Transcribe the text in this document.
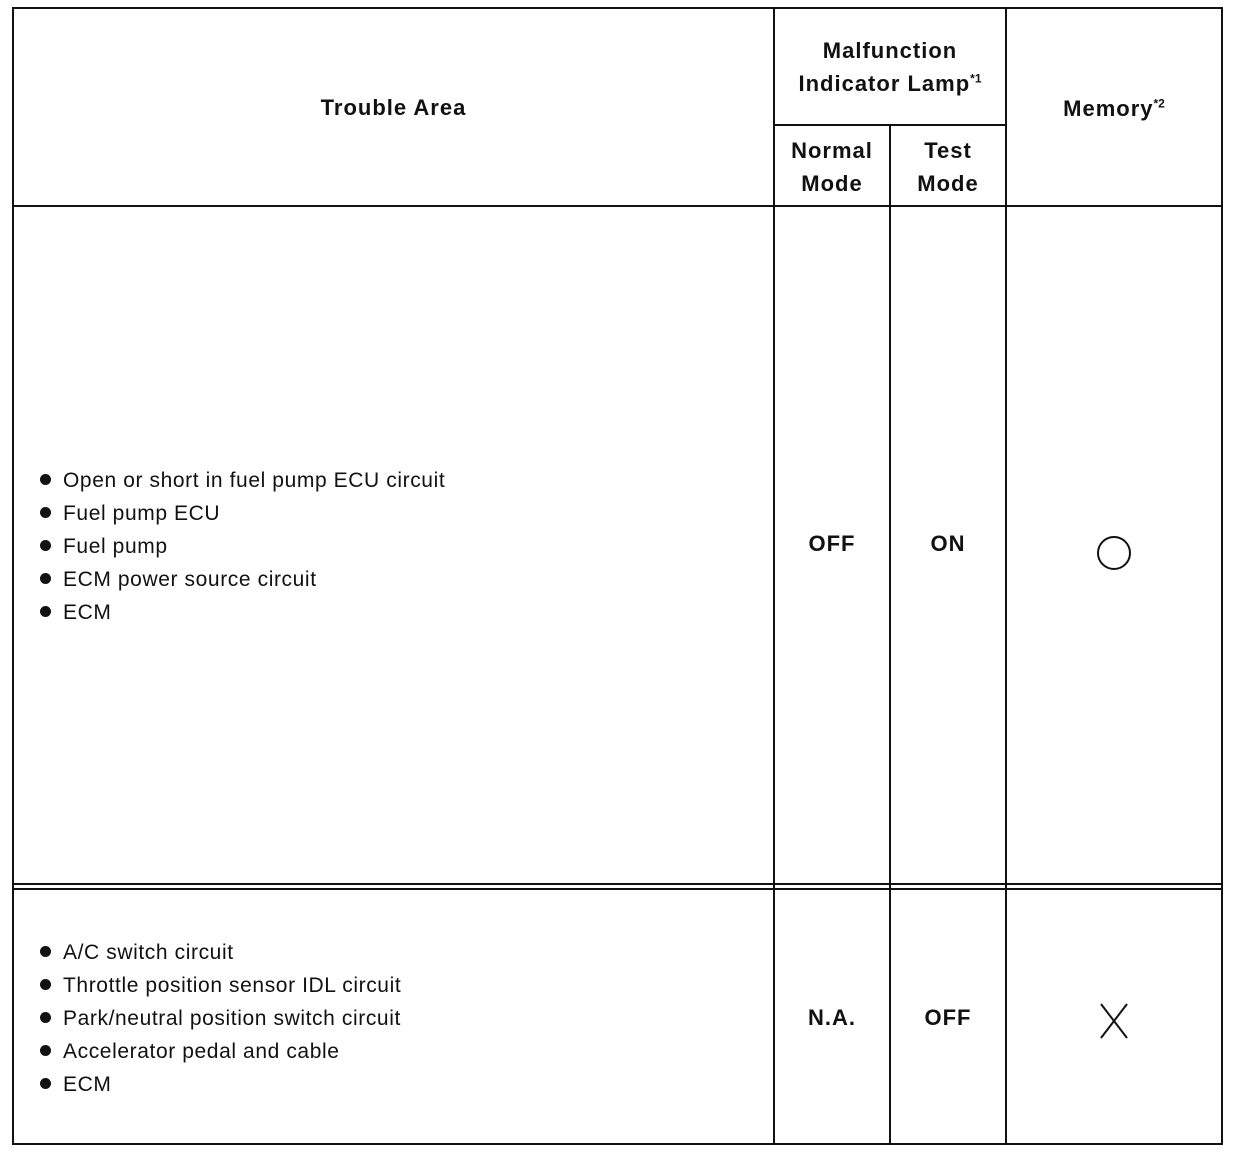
Trouble Area
Malfunction
Indicator Lamp$^{*1}$
Normal
Mode
Test
Mode
Memory$^{*2}$
Open or short in fuel pump ECU circuit
Fuel pump ECU
Fuel pump
ECM power source circuit
ECM
OFF	ON
A/C switch circuit
Throttle position sensor IDL circuit
Park/neutral position switch circuit
Accelerator pedal and cable
ECM
N.A.	OFF
